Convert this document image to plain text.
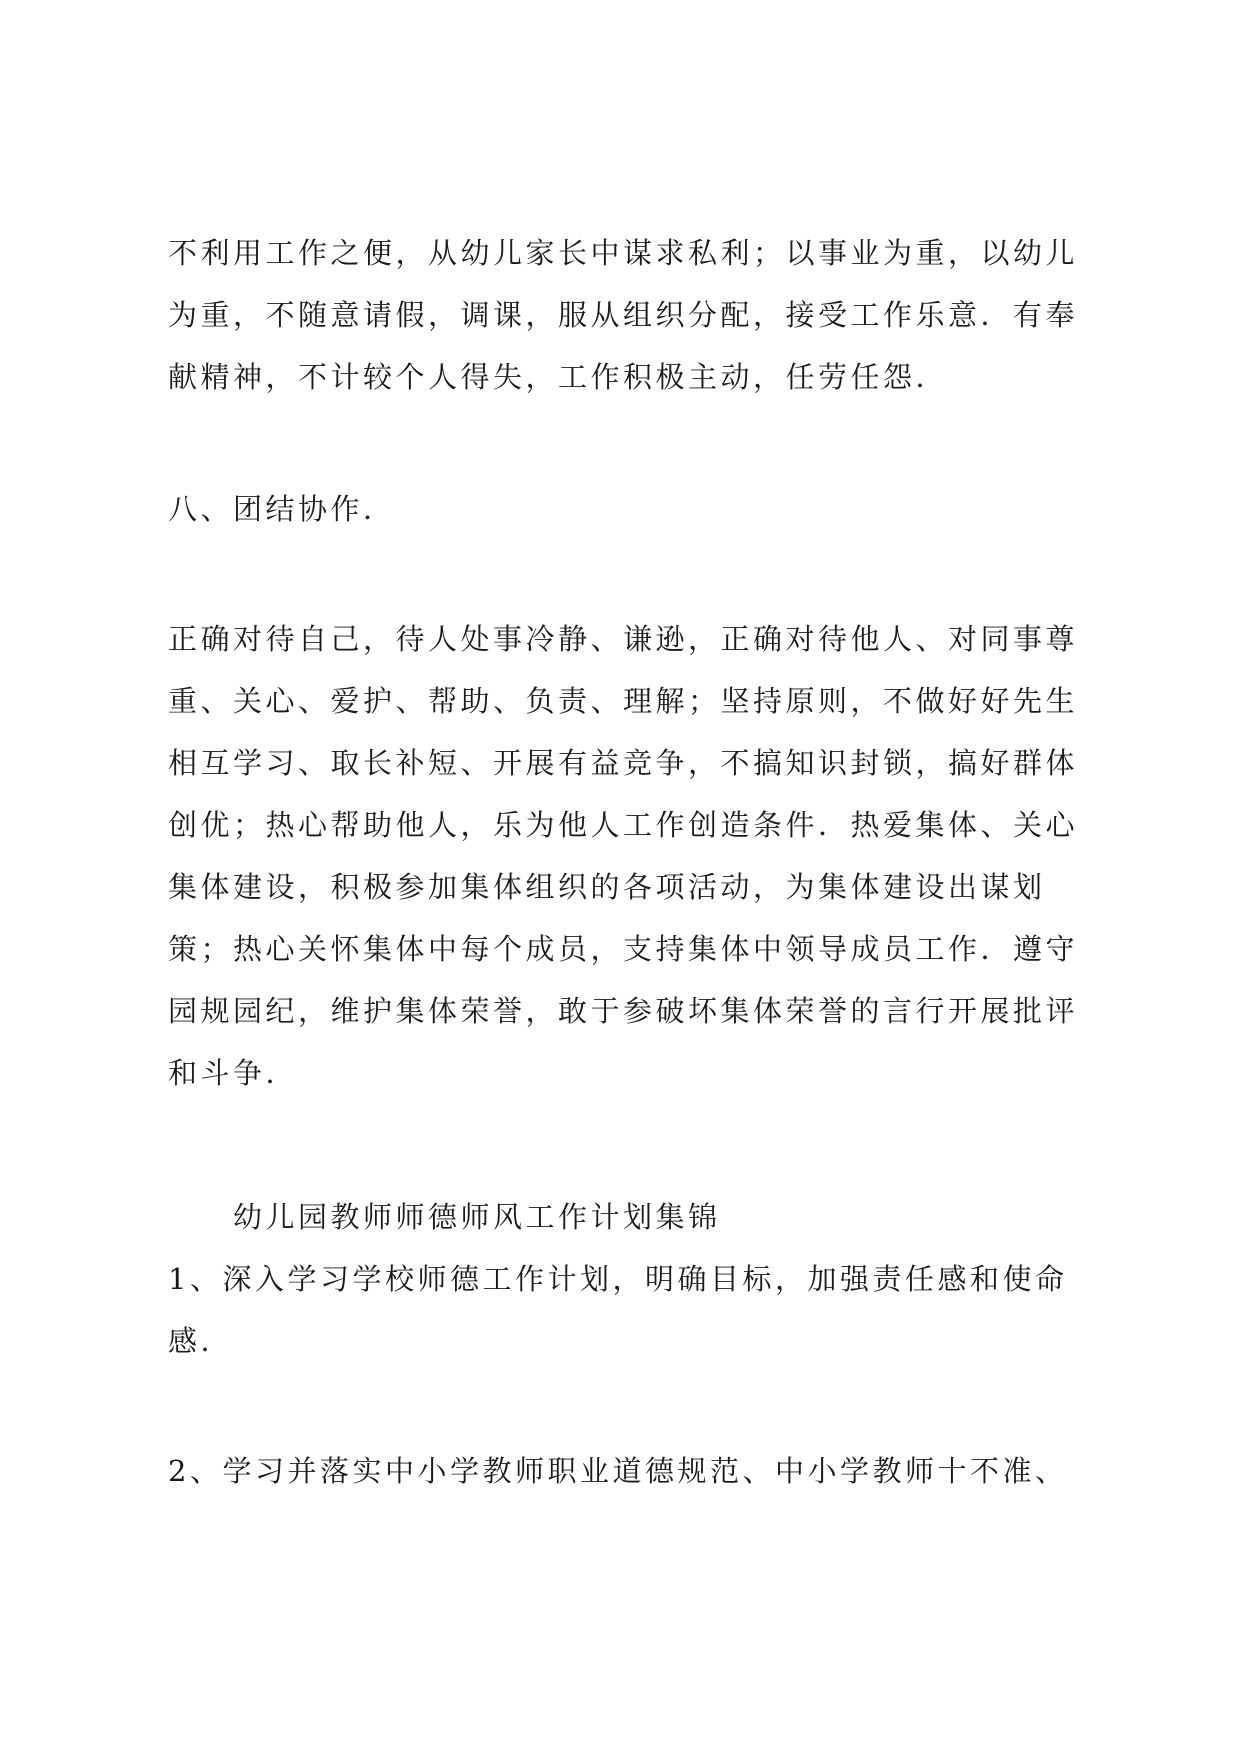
不利用工作之便，从幼儿家长中谋求私利；以事业为重，以幼儿
为重，不随意请假，调课，服从组织分配，接受工作乐意．有奉
献精神，不计较个人得失，工作积极主动，任劳任怨．
八、团结协作．
正确对待自己，待人处事冷静、谦逊，正确对待他人、对同事尊
重、关心、爱护、帮助、负责、理解；坚持原则，不做好好先生
相互学习、取长补短、开展有益竞争，不搞知识封锁，搞好群体
创优；热心帮助他人，乐为他人工作创造条件．热爱集体、关心
集体建设，积极参加集体组织的各项活动，为集体建设出谋划
策；热心关怀集体中每个成员，支持集体中领导成员工作．遵守
园规园纪，维护集体荣誉，敢于参破坏集体荣誉的言行开展批评
和斗争．
幼儿园教师师德师风工作计划集锦
1、深入学习学校师德工作计划，明确目标，加强责任感和使命
感．
2、学习并落实中小学教师职业道德规范、中小学教师十不准、
